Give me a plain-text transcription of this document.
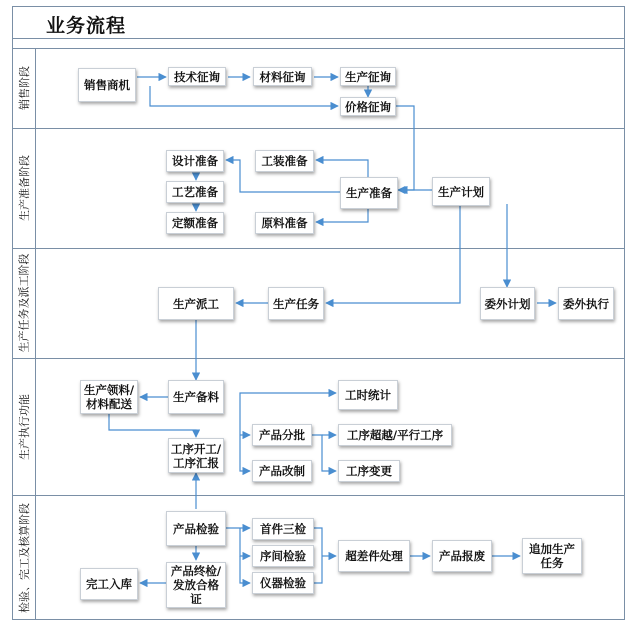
业务流程
销售阶段
生产准备阶段
生产任务及派工阶段
生产执行功能
检验、完工及核算阶段
销售商机
技术征询	材料征询	生产征询
价格征询
设计准备	工装准备
工艺准备	生产准备	生产计划
定额准备	原料准备
生产派工	生产任务	委外计划	委外执行
生产领料/
材料配送	生产备料	工时统计
产品分批	工序超越/平行工序
工序开工/
工序汇报
产品改制	工序变更
产品检验	首件三检
序间检验	超差件处理	产品报废	追加生产
任务
产品终检/
发放合格
证
仪器检验
完工入库
